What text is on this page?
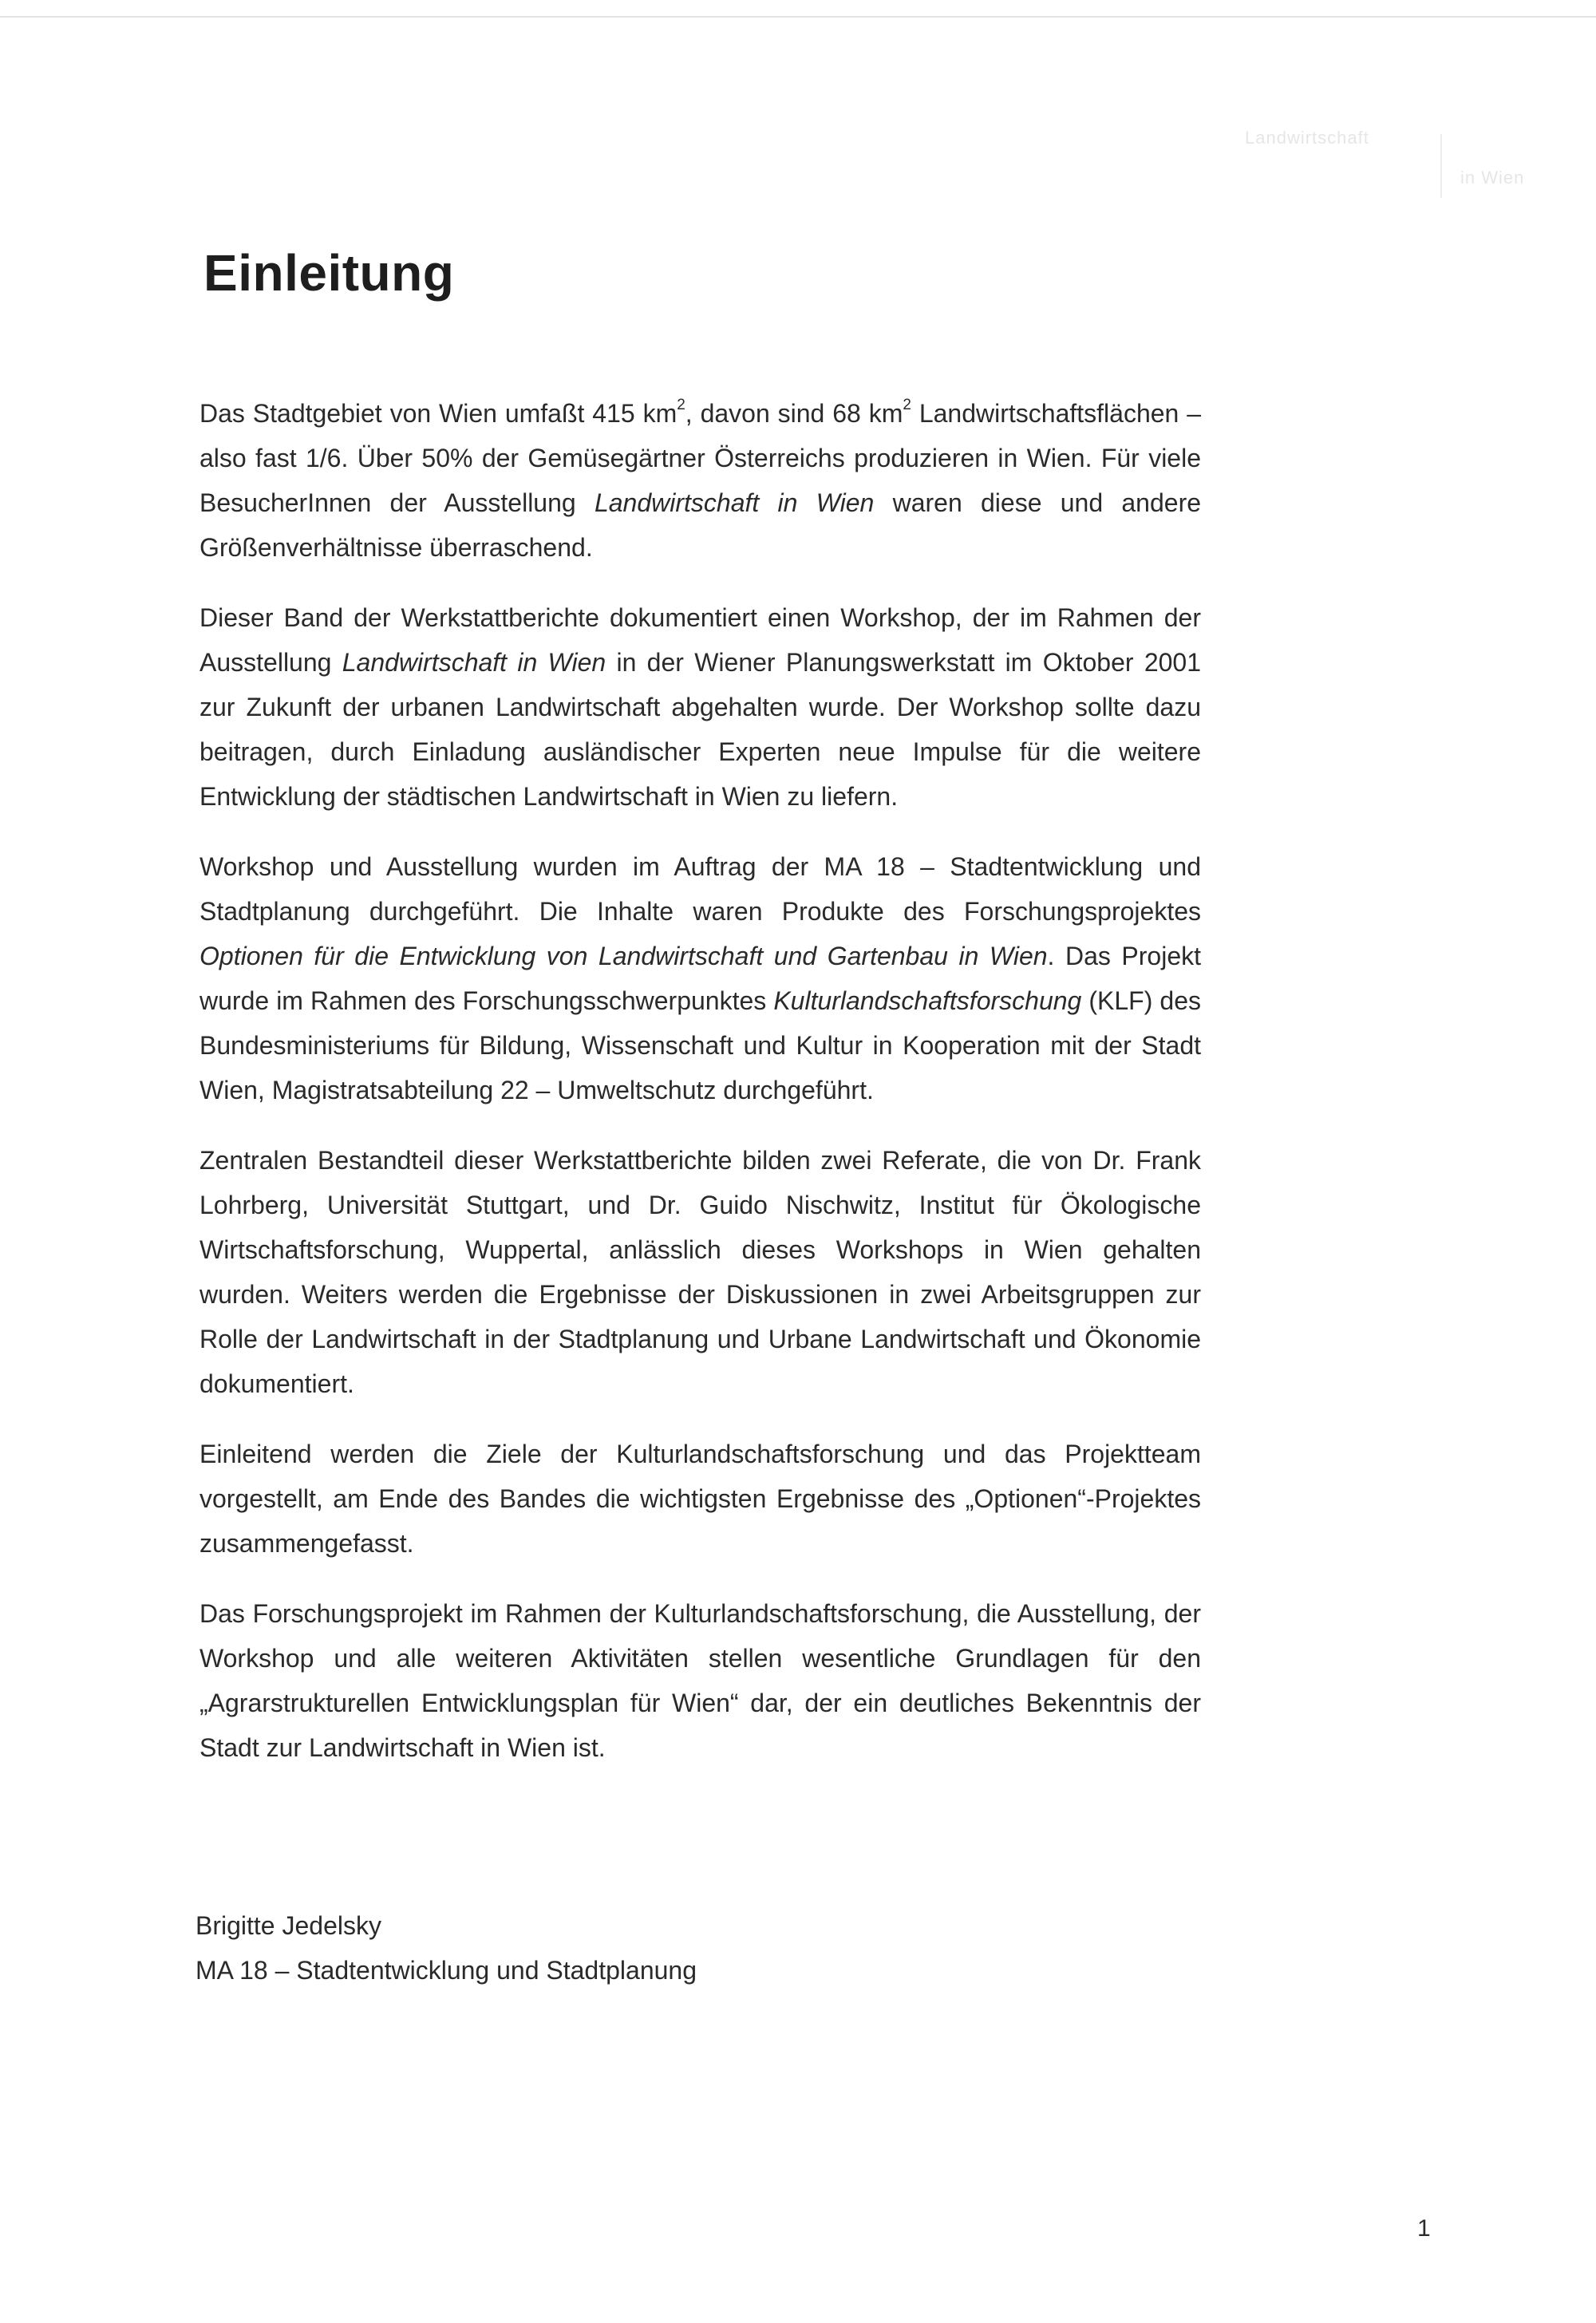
Landwirtschaft
in Wien
Einleitung

Das Stadtgebiet von Wien umfaßt 415 $km^2$, davon sind 68 $km^2$ Landwirtschaftsflächen – also fast 1/6. Über 50% der Gemüsegärtner Österreichs produzieren in Wien. Für viele BesucherInnen der Ausstellung Landwirtschaft in Wien waren diese und andere Größenverhältnisse überraschend.

Dieser Band der Werkstattberichte dokumentiert einen Workshop, der im Rahmen der Ausstellung Landwirtschaft in Wien in der Wiener Planungswerkstatt im Oktober 2001 zur Zukunft der urbanen Landwirtschaft abgehalten wurde. Der Workshop sollte dazu beitragen, durch Einladung ausländischer Experten neue Impulse für die weitere Entwicklung der städtischen Landwirtschaft in Wien zu liefern.

Workshop und Ausstellung wurden im Auftrag der MA 18 – Stadtentwicklung und Stadtplanung durchgeführt. Die Inhalte waren Produkte des Forschungsprojektes Optionen für die Entwicklung von Landwirtschaft und Gartenbau in Wien. Das Projekt wurde im Rahmen des Forschungsschwerpunktes Kulturlandschaftsforschung (KLF) des Bundesministeriums für Bildung, Wissenschaft und Kultur in Kooperation mit der Stadt Wien, Magistratsabteilung 22 – Umweltschutz durchgeführt.

Zentralen Bestandteil dieser Werkstattberichte bilden zwei Referate, die von Dr. Frank Lohrberg, Universität Stuttgart, und Dr. Guido Nischwitz, Institut für Ökologische Wirtschaftsforschung, Wuppertal, anlässlich dieses Workshops in Wien gehalten wurden. Weiters werden die Ergebnisse der Diskussionen in zwei Arbeitsgruppen zur Rolle der Landwirtschaft in der Stadtplanung und Urbane Landwirtschaft und Ökonomie dokumentiert.

Einleitend werden die Ziele der Kulturlandschaftsforschung und das Projektteam vorgestellt, am Ende des Bandes die wichtigsten Ergebnisse des „Optionen“-Projektes zusammengefasst.

Das Forschungsprojekt im Rahmen der Kulturlandschaftsforschung, die Ausstellung, der Workshop und alle weiteren Aktivitäten stellen wesentliche Grundlagen für den „Agrarstrukturellen Entwicklungsplan für Wien“ dar, der ein deutliches Bekenntnis der Stadt zur Landwirtschaft in Wien ist.

Brigitte Jedelsky
MA 18 – Stadtentwicklung und Stadtplanung
1
